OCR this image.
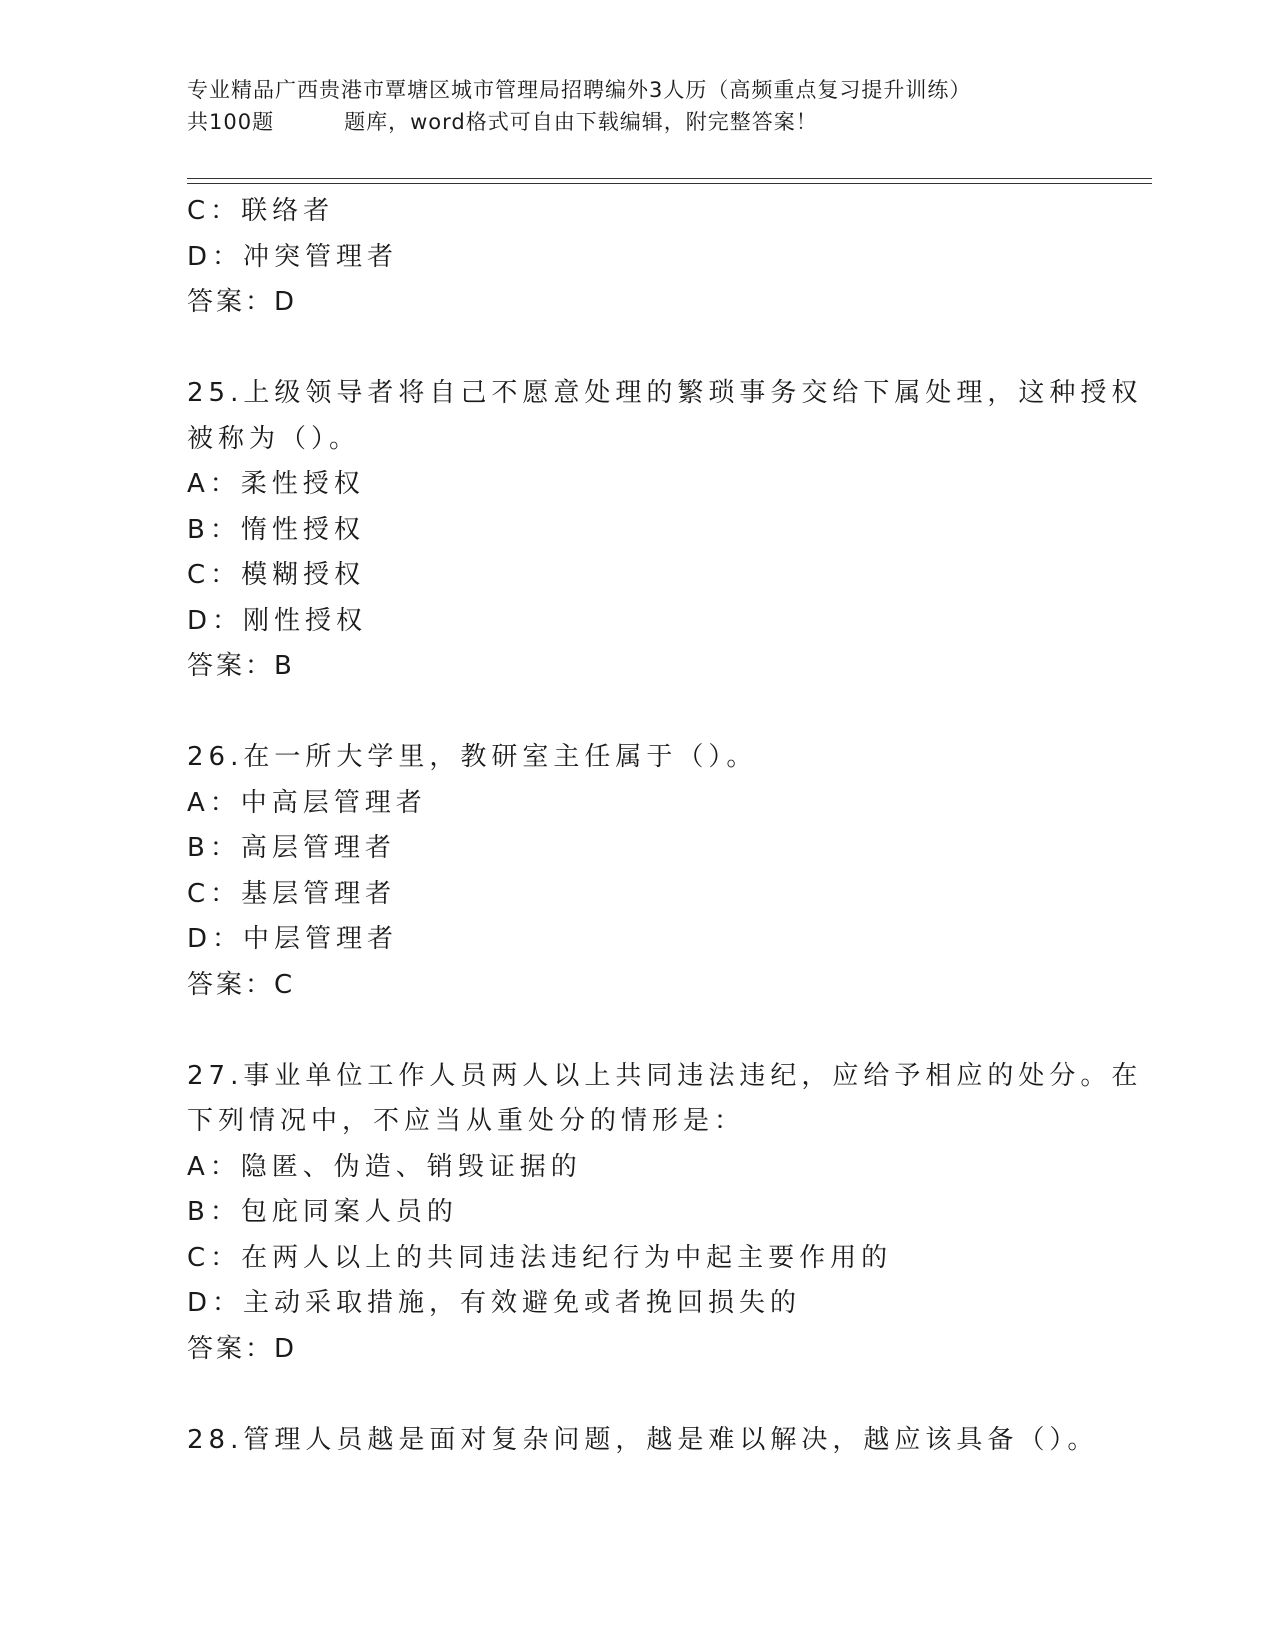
专业精品广西贵港市覃塘区城市管理局招聘编外3人历（高频重点复习提升训练）
共100题	题库，word格式可自由下载编辑，附完整答案！
C：联络者
D：冲突管理者
答案：D
25.上级领导者将自己不愿意处理的繁琐事务交给下属处理，这种授权
被称为（）。
A：柔性授权
B：惰性授权
C：模糊授权
D：刚性授权
答案：B
26.在一所大学里，教研室主任属于（）。
A：中高层管理者
B：高层管理者
C：基层管理者
D：中层管理者
答案：C
27.事业单位工作人员两人以上共同违法违纪，应给予相应的处分。在
下列情况中，不应当从重处分的情形是：
A：隐匿、伪造、销毁证据的
B：包庇同案人员的
C：在两人以上的共同违法违纪行为中起主要作用的
D：主动采取措施，有效避免或者挽回损失的
答案：D
28.管理人员越是面对复杂问题，越是难以解决，越应该具备（）。
